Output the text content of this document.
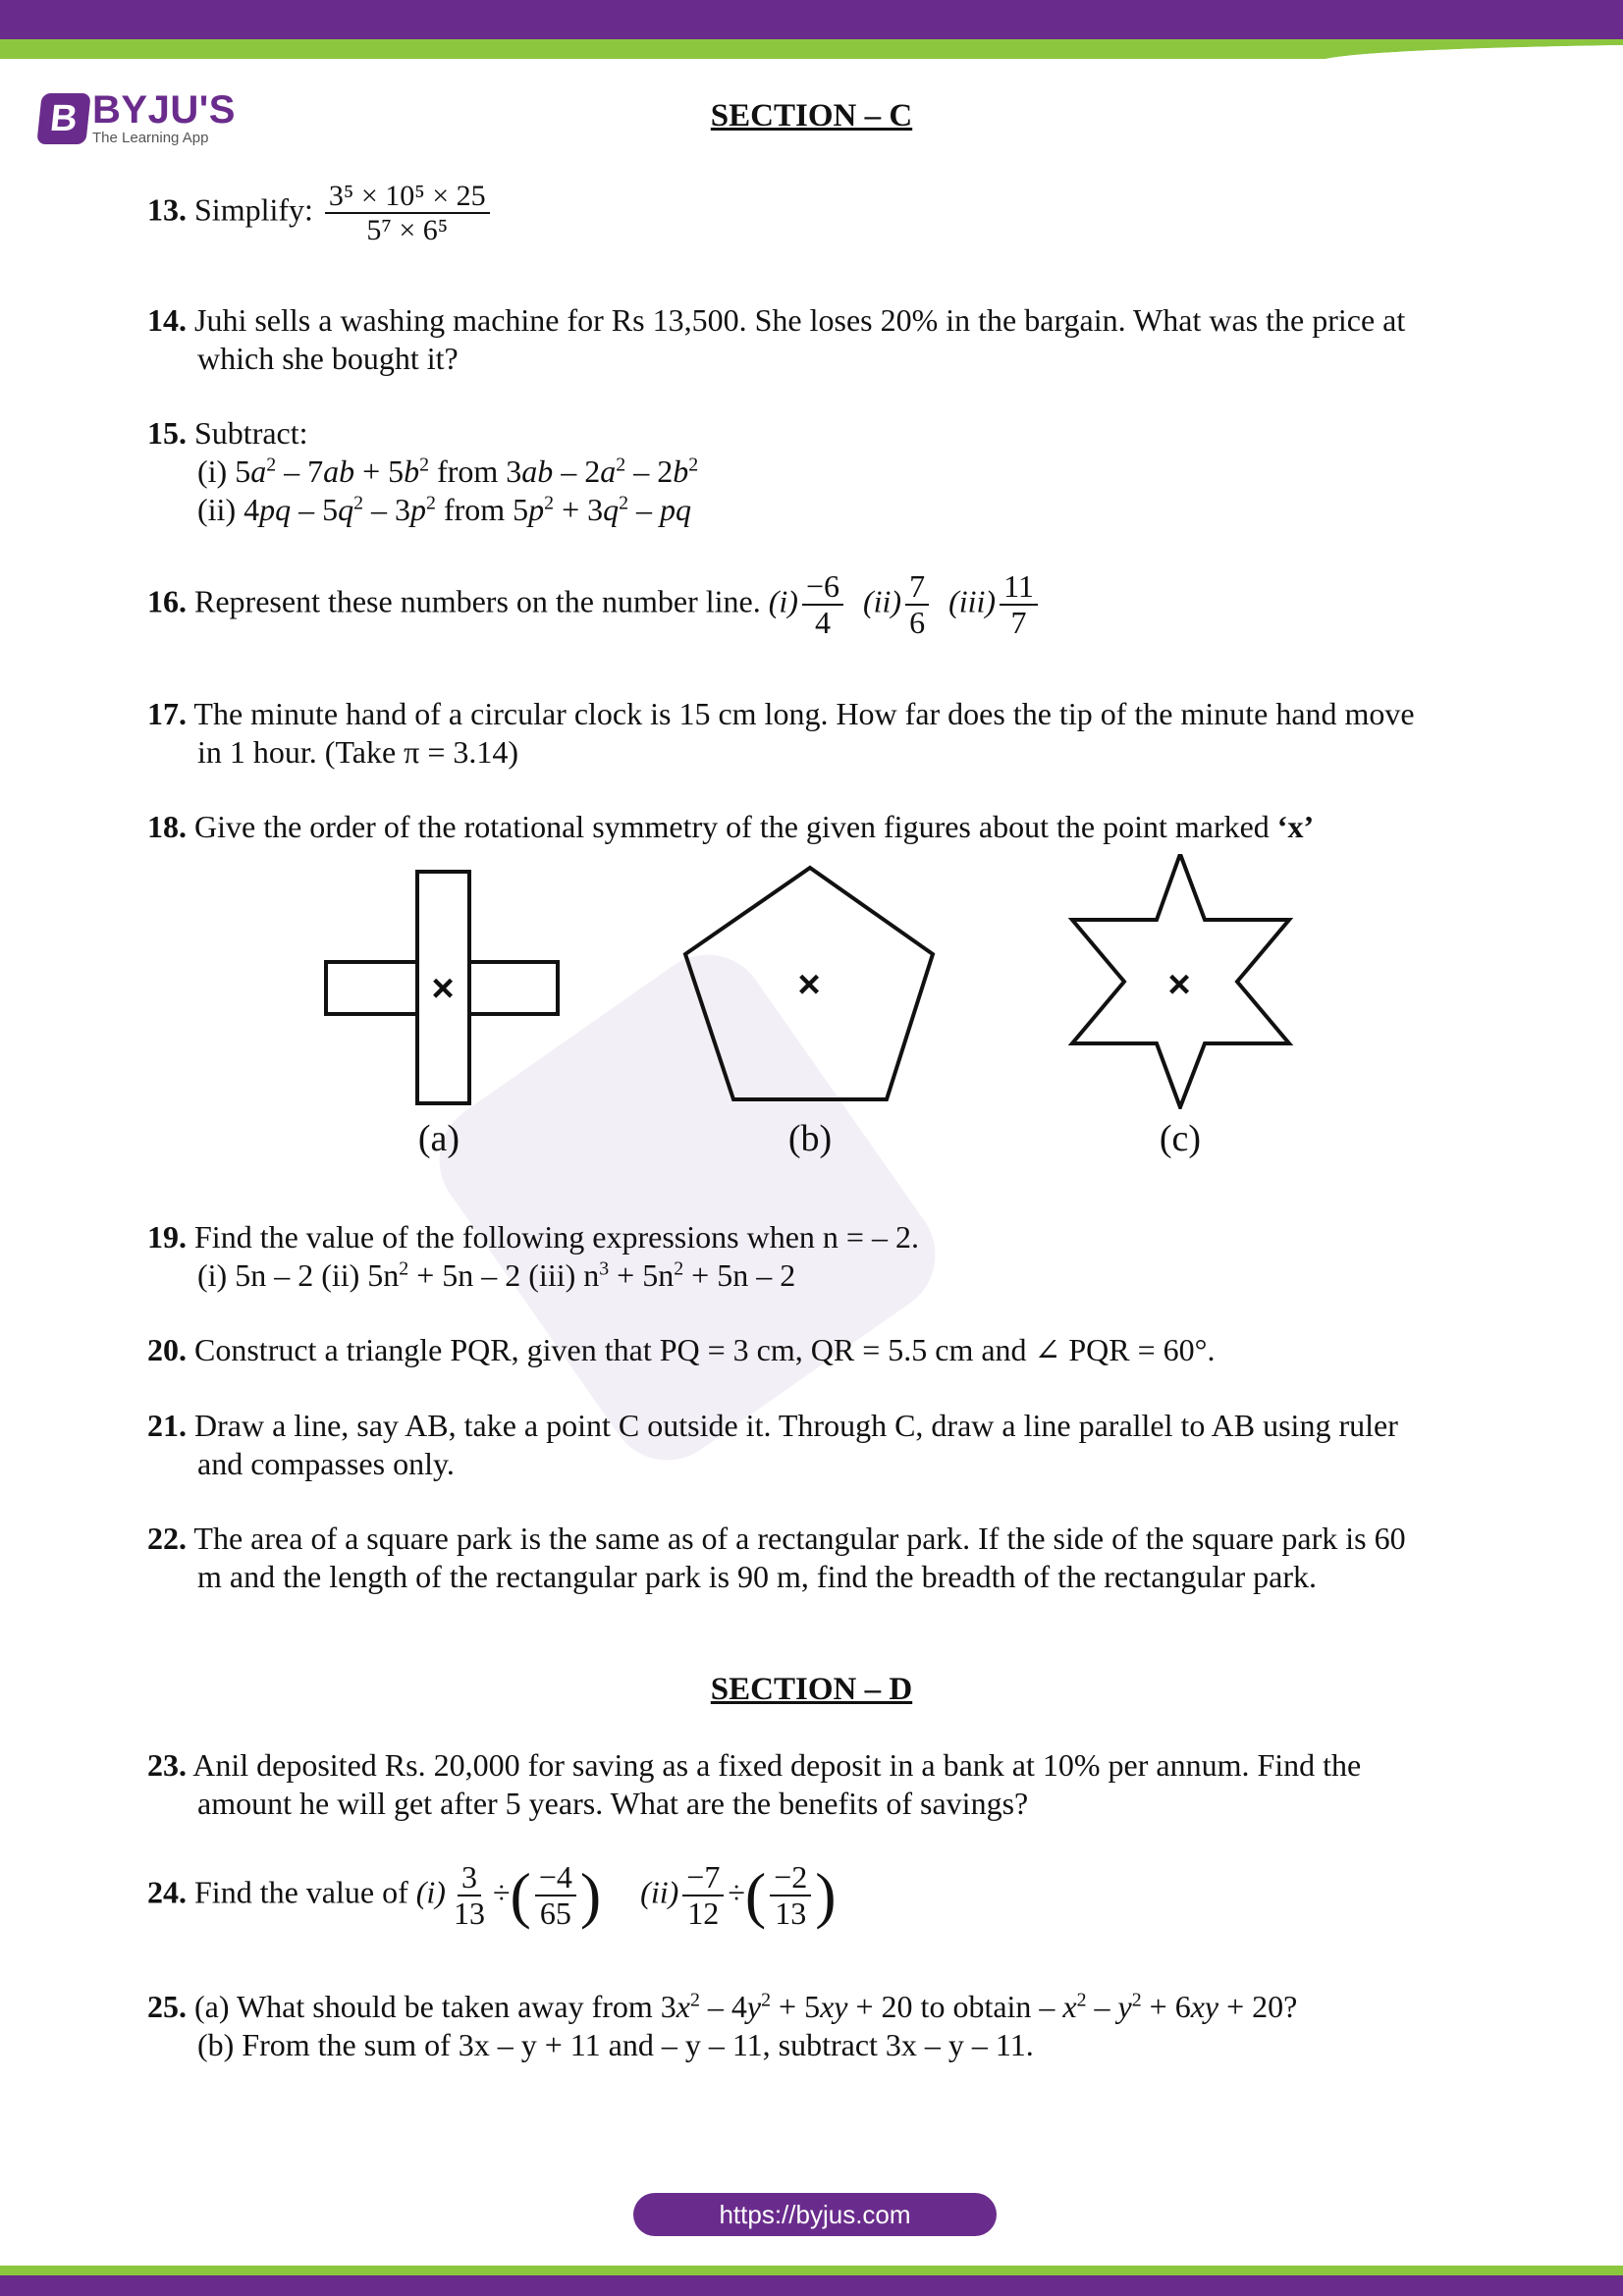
B BYJU'S
The Learning App
SECTION – C
13. Simplify: $\frac{\text{3⁵ × 10⁵ × 25}}{\text{5⁷ × 6⁵}}$
14. Juhi sells a washing machine for Rs 13,500. She loses 20% in the bargain. What was the price at
which she bought it?
15. Subtract:
(i) $5a^2 - 7ab + 5b^2$ from $3ab - 2a^2 - 2b^2$
(ii) $4pq - 5q^2 - 3p^2$ from $5p^2 + 3q^2$ – pq
16. Represent these numbers on the number line. $(i) \frac{-6}{4} (ii) \frac{7}{6} (iii) \frac{11}{7}$
17. The minute hand of a circular clock is 15 cm long. How far does the tip of the minute hand move
in 1 hour. (Take π = 3.14)
18. Give the order of the rotational symmetry of the given figures about the point marked ‘x’
×	×	×
(a)	(b)	(c)
19. Find the value of the following expressions when n = – 2.
(i) 5n – 2 (ii) $5n^2 + 5n - 2$ (iii) $n^3 + 5n^2 + 5n - 2$
20. Construct a triangle PQR, given that PQ = 3 cm, QR = 5.5 cm and ∠ PQR = 60°.
21. Draw a line, say AB, take a point C outside it. Through C, draw a line parallel to AB using ruler
and compasses only.
22. The area of a square park is the same as of a rectangular park. If the side of the square park is 60
m and the length of the rectangular park is 90 m, find the breadth of the rectangular park.
SECTION – D
23. Anil deposited Rs. 20,000 for saving as a fixed deposit in a bank at 10% per annum. Find the
amount he will get after 5 years. What are the benefits of savings?
24. Find the value of $(i) \frac{3}{13}$ ÷( $\frac{-4}{65}$ ) $(ii) \frac{-7}{12}$ ÷( $\frac{-2}{13}$ )
25. (a) What should be taken away from $3x^2 - 4y^2 + 5xy + 20$ to obtain – $x^2 - y^2 + 6xy + 20$?
(b) From the sum of 3x – y + 11 and – y – 11, subtract 3x – y – 11.
https://byjus.com
